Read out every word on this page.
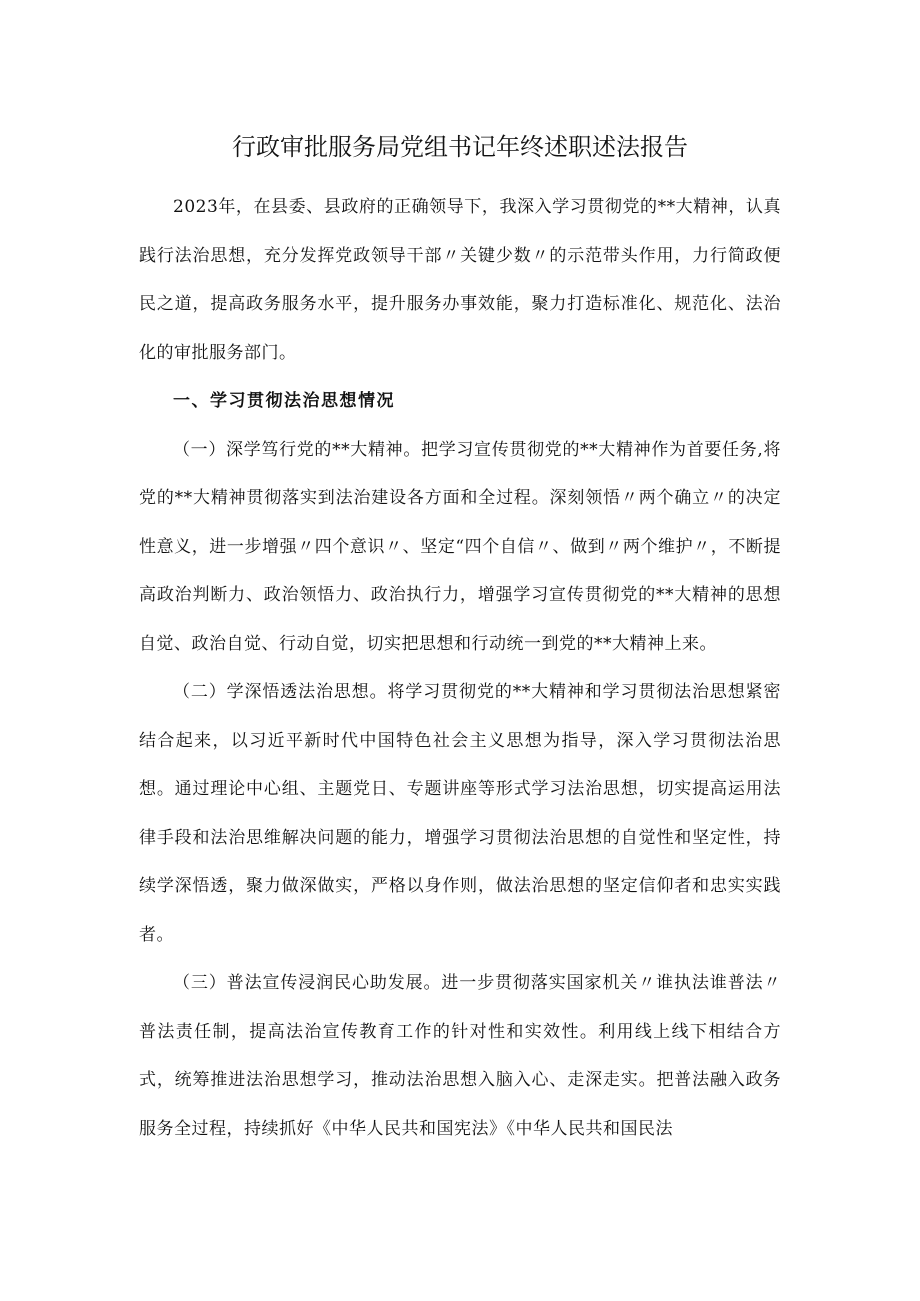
行政审批服务局党组书记年终述职述法报告

2023年，在县委、县政府的正确领导下，我深入学习贯彻党的**大精神，认真践行法治思想，充分发挥党政领导干部〃关键少数〃的示范带头作用，力行简政便民之道，提高政务服务水平，提升服务办事效能，聚力打造标准化、规范化、法治化的审批服务部门。

一、学习贯彻法治思想情况

（一）深学笃行党的**大精神。把学习宣传贯彻党的**大精神作为首要任务,将党的**大精神贯彻落实到法治建设各方面和全过程。深刻领悟〃两个确立〃的决定性意义，进一步增强〃四个意识〃、坚定“四个自信〃、做到〃两个维护〃，不断提高政治判断力、政治领悟力、政治执行力，增强学习宣传贯彻党的**大精神的思想自觉、政治自觉、行动自觉，切实把思想和行动统一到党的**大精神上来。

（二）学深悟透法治思想。将学习贯彻党的**大精神和学习贯彻法治思想紧密结合起来，以习近平新时代中国特色社会主义思想为指导，深入学习贯彻法治思想。通过理论中心组、主题党日、专题讲座等形式学习法治思想，切实提高运用法律手段和法治思维解决问题的能力，增强学习贯彻法治思想的自觉性和坚定性，持续学深悟透，聚力做深做实，严格以身作则，做法治思想的坚定信仰者和忠实实践者。

（三）普法宣传浸润民心助发展。进一步贯彻落实国家机关〃谁执法谁普法〃普法责任制，提高法治宣传教育工作的针对性和实效性。利用线上线下相结合方式，统筹推进法治思想学习，推动法治思想入脑入心、走深走实。把普法融入政务服务全过程，持续抓好《中华人民共和国宪法》《中华人民共和国民法
